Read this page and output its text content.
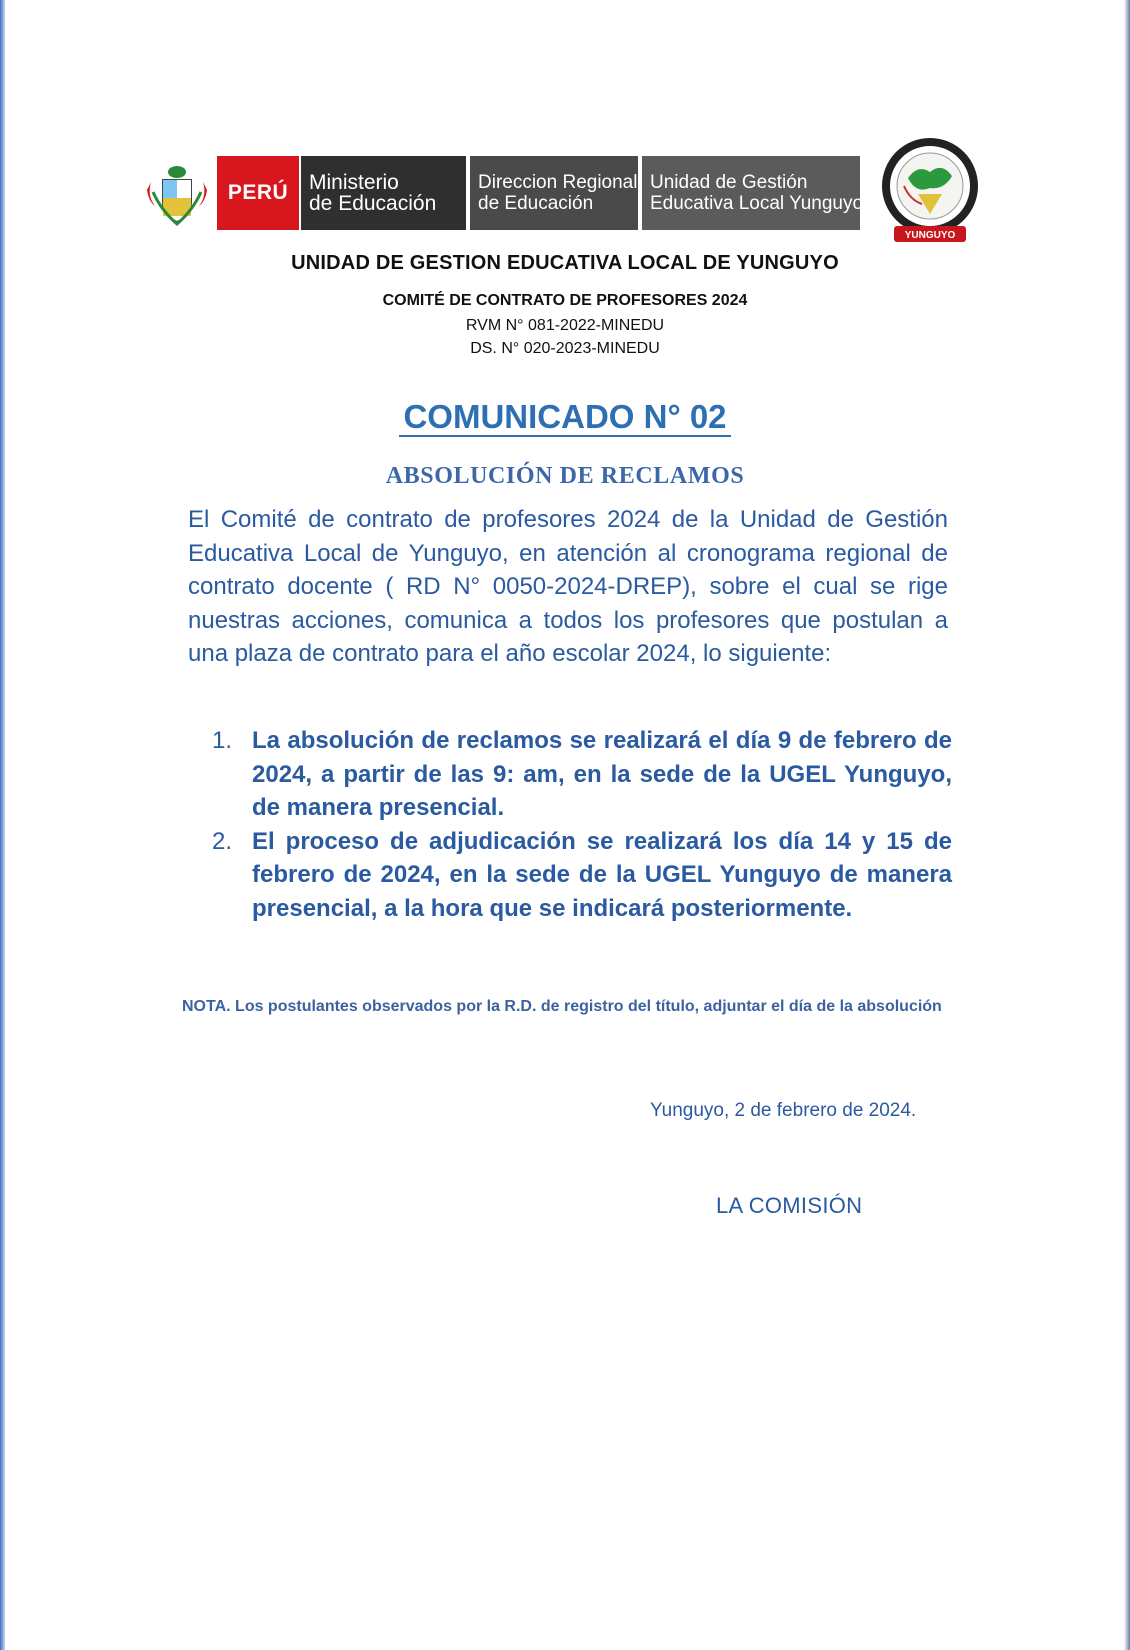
PERÚ Ministerio
de Educación
Direccion Regional
de Educación
Unidad de Gestión
Educativa Local Yunguyo
YUNGUYO
UNIDAD DE GESTION EDUCATIVA LOCAL DE YUNGUYO
COMITÉ DE CONTRATO DE PROFESORES 2024
RVM N° 081-2022-MINEDU
DS. N° 020-2023-MINEDU
COMUNICADO N° 02
ABSOLUCIÓN DE RECLAMOS

El Comité de contrato de profesores 2024 de la Unidad de Gestión Educativa Local de Yunguyo, en atención al cronograma regional de contrato docente ( RD N° 0050-2024-DREP), sobre el cual se rige nuestras acciones, comunica a todos los profesores que postulan a una plaza de contrato para el año escolar 2024, lo siguiente:

1. La absolución de reclamos se realizará el día 9 de febrero de 2024, a partir de las 9: am, en la sede de la UGEL Yunguyo, de manera presencial.
2. El proceso de adjudicación se realizará los día 14 y 15 de febrero de 2024, en la sede de la UGEL Yunguyo de manera presencial, a la hora que se indicará posteriormente.
NOTA. Los postulantes observados por la R.D. de registro del título, adjuntar el día de la absolución
Yunguyo, 2 de febrero de 2024.
LA COMISIÓN
